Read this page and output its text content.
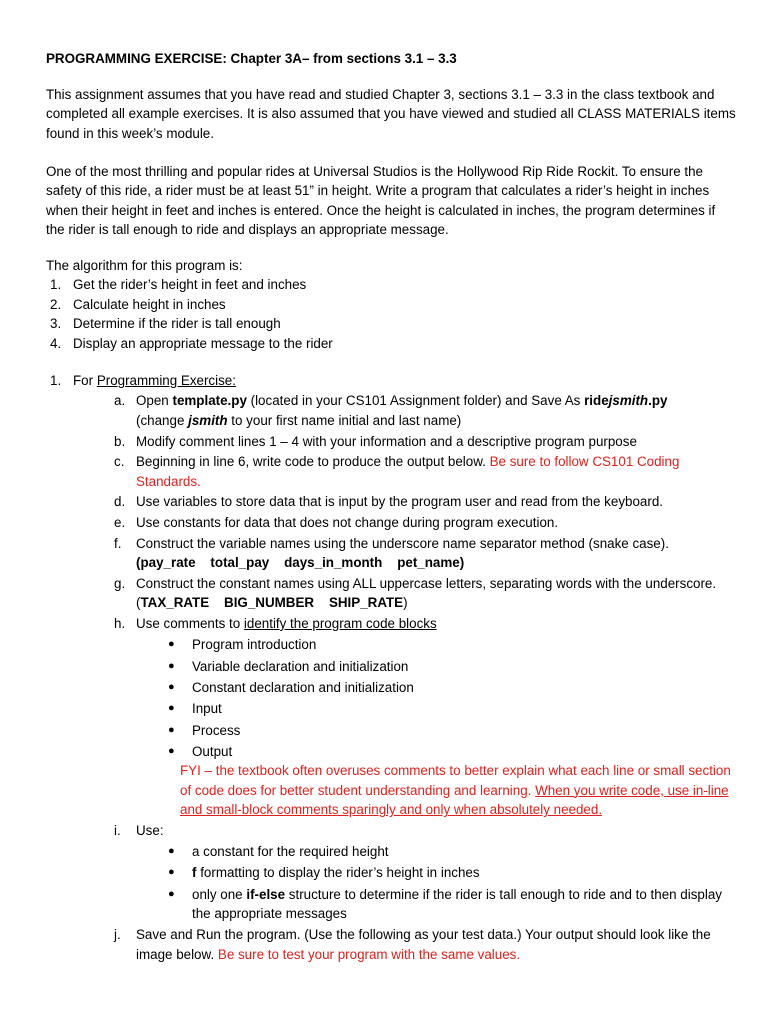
PROGRAMMING EXERCISE: Chapter 3A– from sections 3.1 – 3.3

This assignment assumes that you have read and studied Chapter 3, sections 3.1 – 3.3 in the class textbook and completed all example exercises. It is also assumed that you have viewed and studied all CLASS MATERIALS items found in this week’s module.

One of the most thrilling and popular rides at Universal Studios is the Hollywood Rip Ride Rockit. To ensure the safety of this ride, a rider must be at least 51” in height. Write a program that calculates a rider’s height in inches when their height in feet and inches is entered. Once the height is calculated in inches, the program determines if the rider is tall enough to ride and displays an appropriate message.

The algorithm for this program is:

1. Get the rider’s height in feet and inches
2. Calculate height in inches
3. Determine if the rider is tall enough
4. Display an appropriate message to the rider
1. For Programming Exercise:
a. Open template.py (located in your CS101 Assignment folder) and Save As ridejsmith.py
(change jsmith to your first name initial and last name)
b. Modify comment lines 1 – 4 with your information and a descriptive program purpose
c. Beginning in line 6, write code to produce the output below. Be sure to follow CS101 Coding Standards.
d. Use variables to store data that is input by the program user and read from the keyboard.
e. Use constants for data that does not change during program execution.
f. Construct the variable names using the underscore name separator method (snake case).
(pay_rate    total_pay    days_in_month    pet_name)
g. Construct the constant names using ALL uppercase letters, separating words with the underscore. (TAX_RATE    BIG_NUMBER    SHIP_RATE)
h. Use comments to identify the program code blocks
● Program introduction
● Variable declaration and initialization
● Constant declaration and initialization
● Input
● Process
● Output

FYI – the textbook often overuses comments to better explain what each line or small section of code does for better student understanding and learning. When you write code, use in-line and small-block comments sparingly and only when absolutely needed.

i. Use:
● a constant for the required height
● f formatting to display the rider’s height in inches
● only one if-else structure to determine if the rider is tall enough to ride and to then display the appropriate messages
j. Save and Run the program. (Use the following as your test data.) Your output should look like the image below. Be sure to test your program with the same values.
